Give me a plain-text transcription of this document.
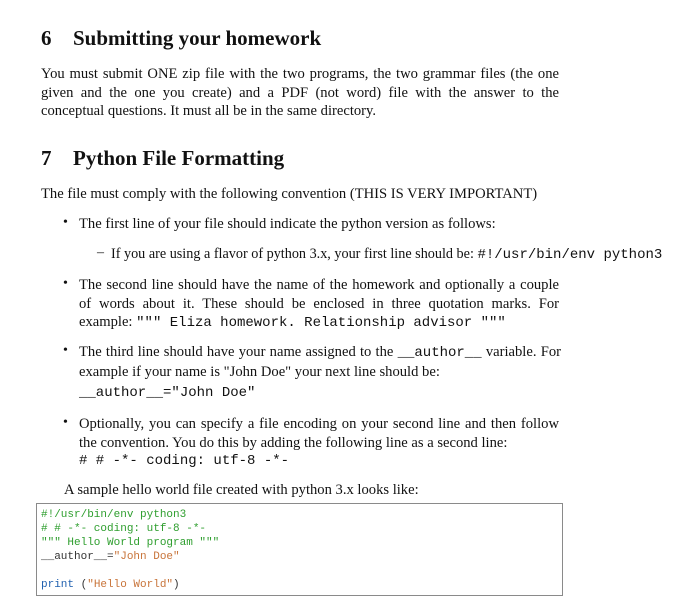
6 Submitting your homework

You must submit ONE zip file with the two programs, the two grammar files (the one given and the one you create) and a PDF (not word) file with the answer to the conceptual questions. It must all be in the same directory.

7 Python File Formatting

The file must comply with the following convention (THIS IS VERY IMPORTANT)

• The first line of your file should indicate the python version as follows:

– If you are using a flavor of python 3.x, your first line should be: #!/usr/bin/env python3

• The second line should have the name of the homework and optionally a couple of words about it. These should be enclosed in three quotation marks. For example: """ Eliza homework. Relationship advisor """

• The third line should have your name assigned to the __author__ variable. For example if your name is "John Doe" your next line should be:

__author__="John Doe"

• Optionally, you can specify a file encoding on your second line and then follow the convention. You do this by adding the following line as a second line:

# # -*- coding: utf-8 -*-

A sample hello world file created with python 3.x looks like:

#!/usr/bin/env python3
# # -*- coding: utf-8 -*-
""" Hello World program """
__author__="John Doe"
print ("Hello World")
